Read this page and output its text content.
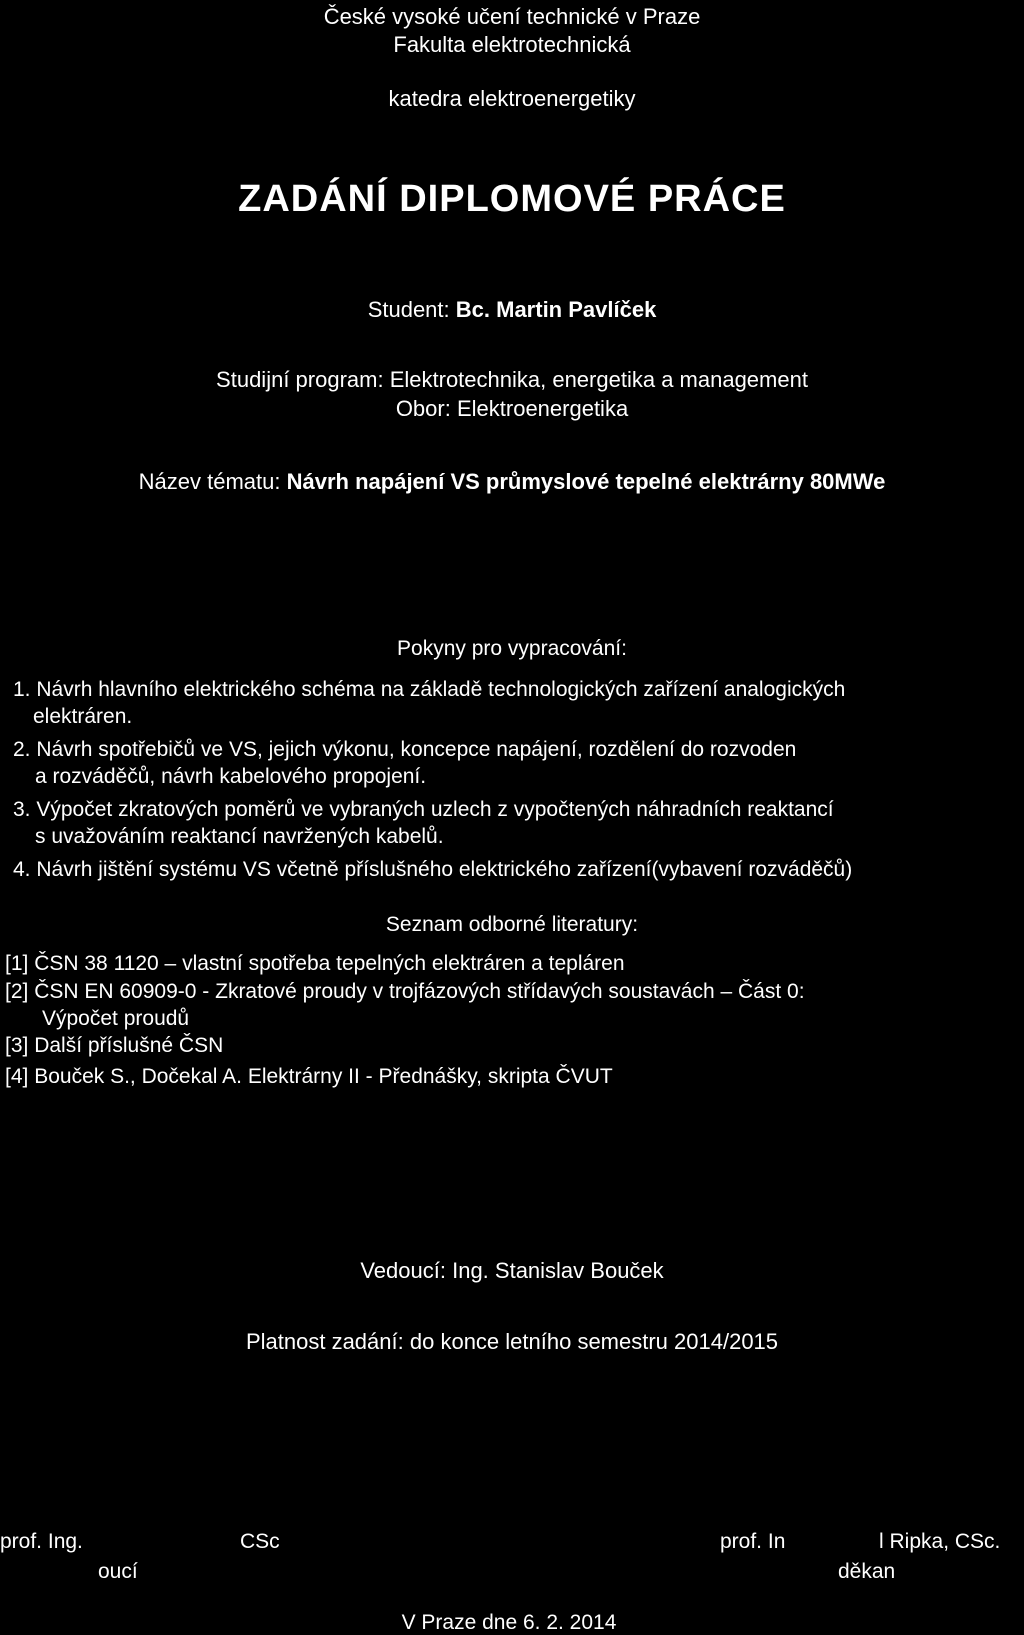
České vysoké učení technické v Praze
Fakulta elektrotechnická
katedra elektroenergetiky
ZADÁNÍ DIPLOMOVÉ PRÁCE
Student: Bc. Martin Pavlíček
Studijní program: Elektrotechnika, energetika a management
Obor: Elektroenergetika
Název tématu: Návrh napájení VS průmyslové tepelné elektrárny 80MWe
Pokyny pro vypracování:
1. Návrh hlavního elektrického schéma na základě technologických zařízení analogických
elektráren.
2. Návrh spotřebičů ve VS, jejich výkonu, koncepce napájení, rozdělení do rozvoden
a rozváděčů, návrh kabelového propojení.
3. Výpočet zkratových poměrů ve vybraných uzlech z vypočtených náhradních reaktancí
s uvažováním reaktancí navržených kabelů.
4. Návrh jištění systému VS včetně příslušného elektrického zařízení(vybavení rozváděčů)
Seznam odborné literatury:
[1] ČSN 38 1120 – vlastní spotřeba tepelných elektráren a tepláren
[2] ČSN EN 60909-0 - Zkratové proudy v trojfázových střídavých soustavách – Část 0:
Výpočet proudů
[3] Další příslušné ČSN
[4] Bouček S., Dočekal A. Elektrárny II - Přednášky, skripta ČVUT
Vedoucí: Ing. Stanislav Bouček
Platnost zadání: do konce letního semestru 2014/2015
prof. Ing.	CSc
oucí
prof. In	l Ripka, CSc.
děkan
V Praze dne 6. 2. 2014
